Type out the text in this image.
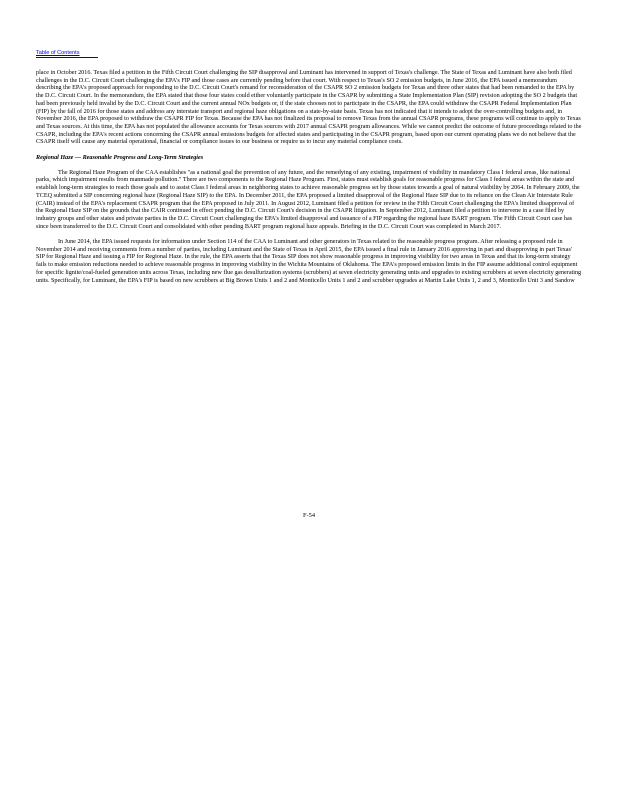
Table of Contents

place in October 2016. Texas filed a petition in the Fifth Circuit Court challenging the SIP disapproval and Luminant has intervened in support of Texas's challenge. The State of Texas and Luminant have also both filed challenges in the D.C. Circuit Court challenging the EPA's FIP and those cases are currently pending before that court. With respect to Texas's SO 2 emission budgets, in June 2016, the EPA issued a memorandum describing the EPA's proposed approach for responding to the D.C. Circuit Court's remand for reconsideration of the CSAPR SO 2 emission budgets for Texas and three other states that had been remanded to the EPA by the D.C. Circuit Court. In the memorandum, the EPA stated that those four states could either voluntarily participate in the CSAPR by submitting a State Implementation Plan (SIP) revision adopting the SO 2 budgets that had been previously held invalid by the D.C. Circuit Court and the current annual NOx budgets or, if the state chooses not to participate in the CSAPR, the EPA could withdraw the CSAPR Federal Implementation Plan (FIP) by the fall of 2016 for those states and address any interstate transport and regional haze obligations on a state-by-state basis. Texas has not indicated that it intends to adopt the over-controlling budgets and, in November 2016, the EPA proposed to withdraw the CSAPR FIP for Texas. Because the EPA has not finalized its proposal to remove Texas from the annual CSAPR programs, these programs will continue to apply to Texas and Texas sources. At this time, the EPA has not populated the allowance accounts for Texas sources with 2017 annual CSAPR program allowances. While we cannot predict the outcome of future proceedings related to the CSAPR, including the EPA's recent actions concerning the CSAPR annual emissions budgets for affected states and participating in the CSAPR program, based upon our current operating plans we do not believe that the CSAPR itself will cause any material operational, financial or compliance issues to our business or require us to incur any material compliance costs.

Regional Haze — Reasonable Progress and Long-Term Strategies

The Regional Haze Program of the CAA establishes "as a national goal the prevention of any future, and the remedying of any existing, impairment of visibility in mandatory Class I federal areas, like national parks, which impairment results from manmade pollution." There are two components to the Regional Haze Program. First, states must establish goals for reasonable progress for Class I federal areas within the state and establish long-term strategies to reach those goals and to assist Class I federal areas in neighboring states to achieve reasonable progress set by those states towards a goal of natural visibility by 2064. In February 2009, the TCEQ submitted a SIP concerning regional haze (Regional Haze SIP) to the EPA. In December 2011, the EPA proposed a limited disapproval of the Regional Haze SIP due to its reliance on the Clean Air Interstate Rule (CAIR) instead of the EPA's replacement CSAPR program that the EPA proposed in July 2011. In August 2012, Luminant filed a petition for review in the Fifth Circuit Court challenging the EPA's limited disapproval of the Regional Haze SIP on the grounds that the CAIR continued in effect pending the D.C. Circuit Court's decision in the CSAPR litigation. In September 2012, Luminant filed a petition to intervene in a case filed by industry groups and other states and private parties in the D.C. Circuit Court challenging the EPA's limited disapproval and issuance of a FIP regarding the regional haze BART program. The Fifth Circuit Court case has since been transferred to the D.C. Circuit Court and consolidated with other pending BART program regional haze appeals. Briefing in the D.C. Circuit Court was completed in March 2017.

In June 2014, the EPA issued requests for information under Section 114 of the CAA to Luminant and other generators in Texas related to the reasonable progress program. After releasing a proposed rule in November 2014 and receiving comments from a number of parties, including Luminant and the State of Texas in April 2015, the EPA issued a final rule in January 2016 approving in part and disapproving in part Texas' SIP for Regional Haze and issuing a FIP for Regional Haze. In the rule, the EPA asserts that the Texas SIP does not show reasonable progress in improving visibility for two areas in Texas and that its long-term strategy fails to make emission reductions needed to achieve reasonable progress in improving visibility in the Wichita Mountains of Oklahoma. The EPA's proposed emission limits in the FIP assume additional control equipment for specific lignite/coal-fueled generation units across Texas, including new flue gas desulfurization systems (scrubbers) at seven electricity generating units and upgrades to existing scrubbers at seven electricity generating units. Specifically, for Luminant, the EPA's FIP is based on new scrubbers at Big Brown Units 1 and 2 and Monticello Units 1 and 2 and scrubber upgrades at Martin Lake Units 1, 2 and 3, Monticello Unit 3 and Sandow

F-54
